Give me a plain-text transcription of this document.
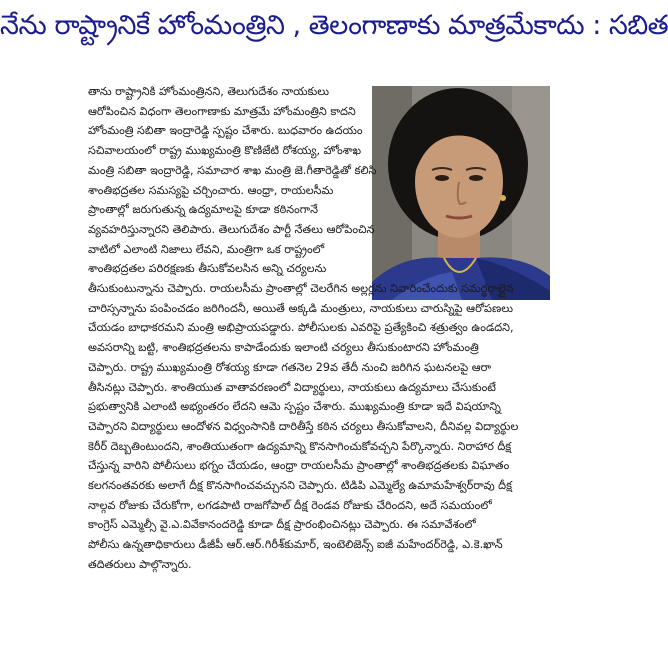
నేను రాష్ట్రానికే హోంమంత్రిని , తెలంగాణాకు మాత్రమేకాదు : సబిత
తాను రాష్ట్రానికి హోంమంత్రినని, తెలుగుదేశం నాయకులు
ఆరోపించిన విధంగా తెలంగాణాకు మాత్రమే హోంమంత్రిని కాదని
హోంమంత్రి సబితా ఇంద్రారెడ్డి స్పష్టం చేశారు. బుధవారం ఉదయం
సచివాలయంలో రాష్ట్ర ముఖ్యమంత్రి కొణిజేటి రోశయ్య, హోంశాఖ
మంత్రి సబితా ఇంద్రారెడ్డి, సమాచార శాఖ మంత్రి జె.గీతారెడ్డితో కలిసి
శాంతిభద్రతల సమస్యపై చర్చించారు. ఆంధ్రా, రాయలసీమ
ప్రాంతాల్లో జరుగుతున్న ఉద్యమాలపై కూడా కఠినంగానే
వ్యవహరిస్తున్నారని తెలిపారు. తెలుగుదేశం పార్టీ నేతలు ఆరోపించిన
వాటిలో ఎలాంటి నిజాలు లేవని, మంత్రిగా ఒక రాష్ట్రంలో
శాంతిభద్రతల పరిరక్షణకు తీసుకోవలసిన అన్ని చర్యలను
తీసుకుంటున్నాను చెప్పారు. రాయలసీమ ప్రాంతాల్లో చెలరేగిన అల్లర్లను నివారించేందుకు సమర్థరాల్లైన
చారిస్సన్నాను పంపించడం జరిగిందనీ, అయితే అక్కడి మంత్రులు, నాయకులు చారుస్నిపై ఆరోపణలు
చేయడం బాధాకరమని మంత్రి అభిప్రాయపడ్డారు. పోలీసులకు ఎవరిపై ప్రత్యేకించి శత్రుత్వం ఉండదని,
అవసరాన్ని బట్టి, శాంతిభద్రతలను కాపాడేందుకు ఇలాంటి చర్యలు తీసుకుంటారని హోంమంత్రి
చెప్పారు. రాష్ట్ర ముఖ్యమంత్రి రోశయ్య కూడా గతనెల 29వ తేదీ నుంచి జరిగిన ఘటనలపై ఆరా
తీసినట్లు చెప్పారు. శాంతియుత వాతావరణంలో విద్యార్థులు, నాయకులు ఉద్యమాలు చేసుకుంటే
ప్రభుత్వానికి ఎలాంటి అభ్యంతరం లేదని ఆమె స్పష్టం చేశారు. ముఖ్యమంత్రి కూడా ఇదే విషయాన్ని
చెప్పారని విద్యార్థులు ఆందోళన విధ్వంసానికి దారితీస్తే కఠిన చర్యలు తీసుకోవాలని, దీనివల్ల విద్యార్థుల
కెరీర్ దెబ్బతింటుందని, శాంతియుతంగా ఉద్యమాన్ని కొనసాగించుకోవచ్చని పేర్కొన్నారు. నిరాహార దీక్ష
చేస్తున్న వారిని పోలీసులు భగ్నం చేయడం, ఆంధ్రా రాయలసీమ ప్రాంతాల్లో శాంతిభద్రతలకు విఘాతం
కలగనంతవరకు అలాగే దీక్ష కొనసాగించవచ్చునని చెప్పారు. టిడిపి ఎమ్మెల్యే ఉమామహేశ్వర్‌రావు దీక్ష
నాల్గవ రోజుకు చేరుకోగా, లగడపాటి రాజగోపాల్ దీక్ష రెండవ రోజుకు చేరిందని, అదే సమయంలో
కాంగ్రెస్ ఎమ్మెల్సీ వై.ఎ.వివేకానందరెడ్డి కూడా దీక్ష ప్రారంభించినట్లు చెప్పారు. ఈ సమావేశంలో
పోలీసు ఉన్నతాధికారులు డీజీపీ ఆర్.ఆర్.గిరీశ్‌కుమార్, ఇంటెలిజెన్స్ ఐజీ మహేందర్‌రెడ్డి, ఎ.కె.ఖాన్
తదితరులు పాల్గొన్నారు.
